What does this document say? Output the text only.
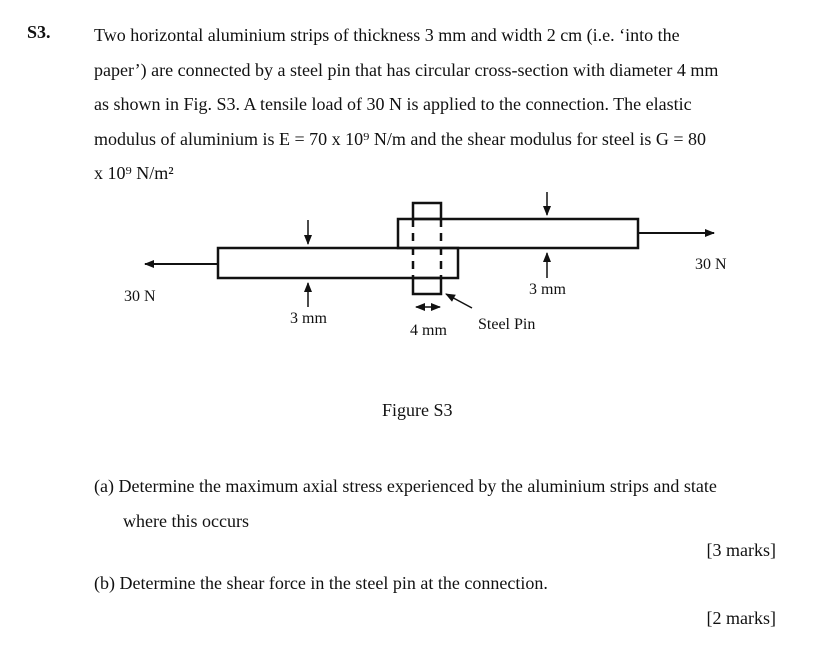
S3. Two horizontal aluminium strips of thickness 3 mm and width 2 cm (i.e. ‘into the
paper’) are connected by a steel pin that has circular cross-section with diameter 4 mm
as shown in Fig. S3. A tensile load of 30 N is applied to the connection. The elastic
modulus of aluminium is E = 70 x 10⁹ N/m and the shear modulus for steel is G = 80
x 10⁹ N/m²
30 N
30 N
3 mm
3 mm
4 mm Steel Pin
Figure S3
(a) Determine the maximum axial stress experienced by the aluminium strips and state
where this occurs
[3 marks]
(b) Determine the shear force in the steel pin at the connection.
[2 marks]
